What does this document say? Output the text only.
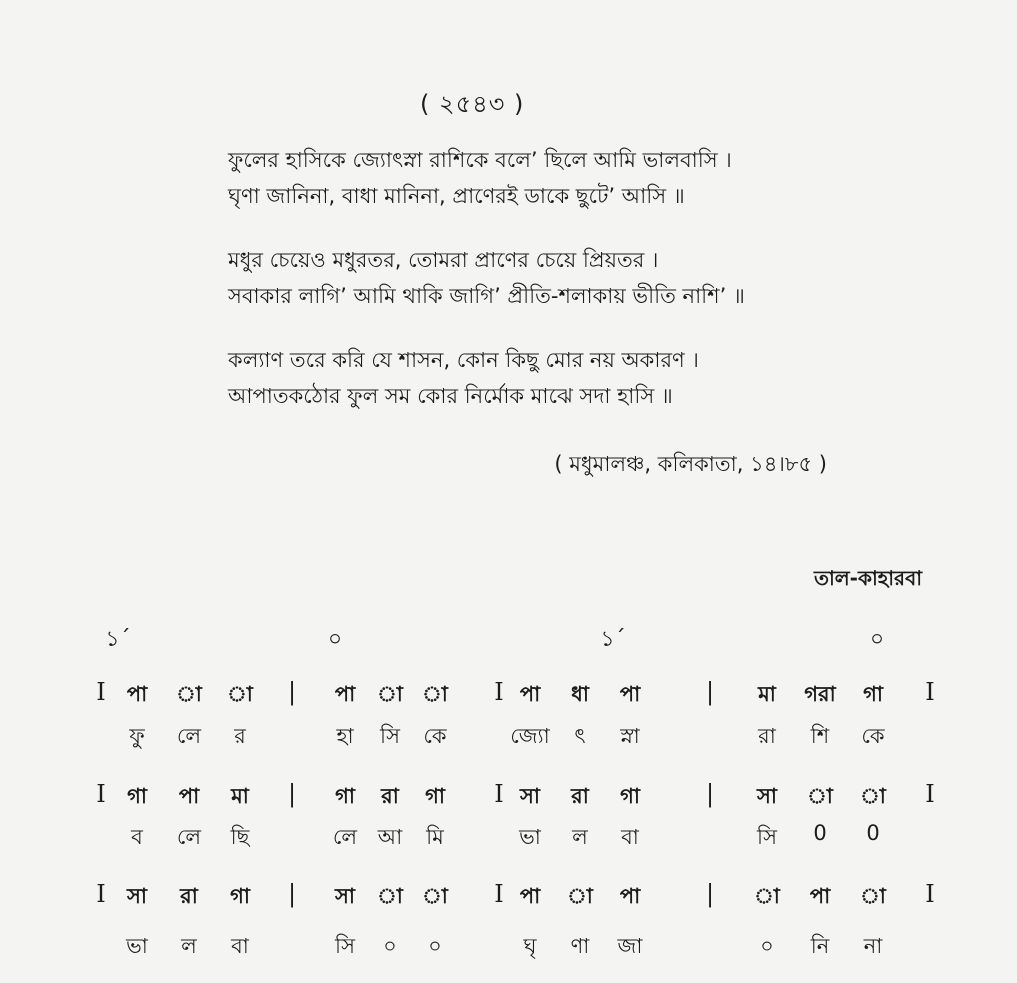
( ২৫৪৩ )
ফুলের হাসিকে জ্যোৎস্না রাশিকে বলে’ ছিলে আমি ভালবাসি ।
ঘৃণা জানিনা, বাধা মানিনা, প্রাণেরই ডাকে ছুটে’ আসি ॥
মধুর চেয়েও মধুরতর, তোমরা প্রাণের চেয়ে প্রিয়তর ।
সবাকার লাগি’ আমি থাকি জাগি’ প্রীতি-শলাকায় ভীতি নাশি’ ॥
কল্যাণ তরে করি যে শাসন, কোন কিছু মোর নয় অকারণ ।
আপাতকঠোর ফুল সম কোর নির্মোক মাঝে সদা হাসি ॥
( মধুমালঞ্চ, কলিকাতা, ১৪।৮৫ )
তাল-কাহারবা
১´	০	১´	০
I	I	I
|	|
পা া া	পা া া	পা ধা পা	মা গরা গা
ফু লে র	হা সি কে	জ্যো ৎ স্না	রা শি কে
I	I	I
|	|
গা পা মা	গা রা গা	সা রা গা	সা া া
ব লে ছি	লে আ মি	ভা ল বা	সি 0 0
I	I	I
|	|
সা রা গা	সা া া	পা া পা	া পা া
ভা ল বা	সি ০ ০	ঘৃ ণা জা	০ নি না
